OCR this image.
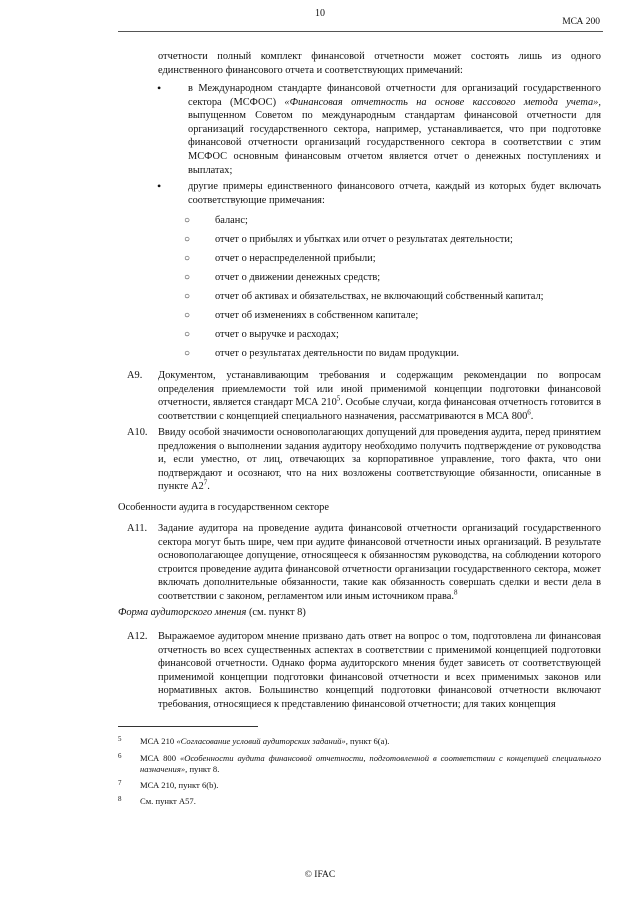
10
МСА 200
отчетности полный комплект финансовой отчетности может состоять лишь из одного единственного финансового отчета и соответствующих примечаний:
•	в Международном стандарте финансовой отчетности для организаций государственного сектора (МСФОС) «Финансовая отчетность на основе кассового метода учета», выпущенном Советом по международным стандартам финансовой отчетности для организаций государственного сектора, например, устанавливается, что при подготовке финансовой отчетности организаций государственного сектора в соответствии с этим МСФОС основным финансовым отчетом является отчет о денежных поступлениях и выплатах;
•	другие примеры единственного финансового отчета, каждый из которых будет включать соответствующие примечания:
○ баланс;
○ отчет о прибылях и убытках или отчет о результатах деятельности;
○ отчет о нераспределенной прибыли;
○ отчет о движении денежных средств;
○ отчет об активах и обязательствах, не включающий собственный капитал;
○ отчет об изменениях в собственном капитале;
○ отчет о выручке и расходах;
○ отчет о результатах деятельности по видам продукции.
А9. Документом, устанавливающим требования и содержащим рекомендации по вопросам определения приемлемости той или иной применимой концепции подготовки финансовой отчетности, является стандарт МСА $210^5$. Особые случаи, когда финансовая отчетность готовится в соответствии с концепцией специального назначения, рассматриваются в МСА $800^6$.
А10. Ввиду особой значимости основополагающих допущений для проведения аудита, перед принятием предложения о выполнении задания аудитору необходимо получить подтверждение от руководства и, если уместно, от лиц, отвечающих за корпоративное управление, того факта, что они подтверждают и осознают, что на них возложены соответствующие обязанности, описанные в пункте $А2^7$.
Особенности аудита в государственном секторе
А11. Задание аудитора на проведение аудита финансовой отчетности организаций государственного сектора могут быть шире, чем при аудите финансовой отчетности иных организаций. В результате основополагающее допущение, относящееся к обязанностям руководства, на соблюдении которого строится проведение аудита финансовой отчетности организации государственного сектора, может включать дополнительные обязанности, такие как обязанность совершать сделки и вести дела в соответствии с законом, регламентом или иным источником права.$^8$
Форма аудиторского мнения (см. пункт 8)
А12. Выражаемое аудитором мнение призвано дать ответ на вопрос о том, подготовлена ли финансовая отчетность во всех существенных аспектах в соответствии с применимой концепцией подготовки финансовой отчетности. Однако форма аудиторского мнения будет зависеть от соответствующей применимой концепции подготовки финансовой отчетности и всех применимых законов или нормативных актов. Большинство концепций подготовки финансовой отчетности включают требования, относящиеся к представлению финансовой отчетности; для таких концепция
5 МСА 210 «Согласование условий аудиторских заданий», пункт 6(a).
6 МСА 800 «Особенности аудита финансовой отчетности, подготовленной в соответствии с концепцией специального назначения», пункт 8.
7 МСА 210, пункт 6(b).
8 См. пункт А57.
© IFAC
